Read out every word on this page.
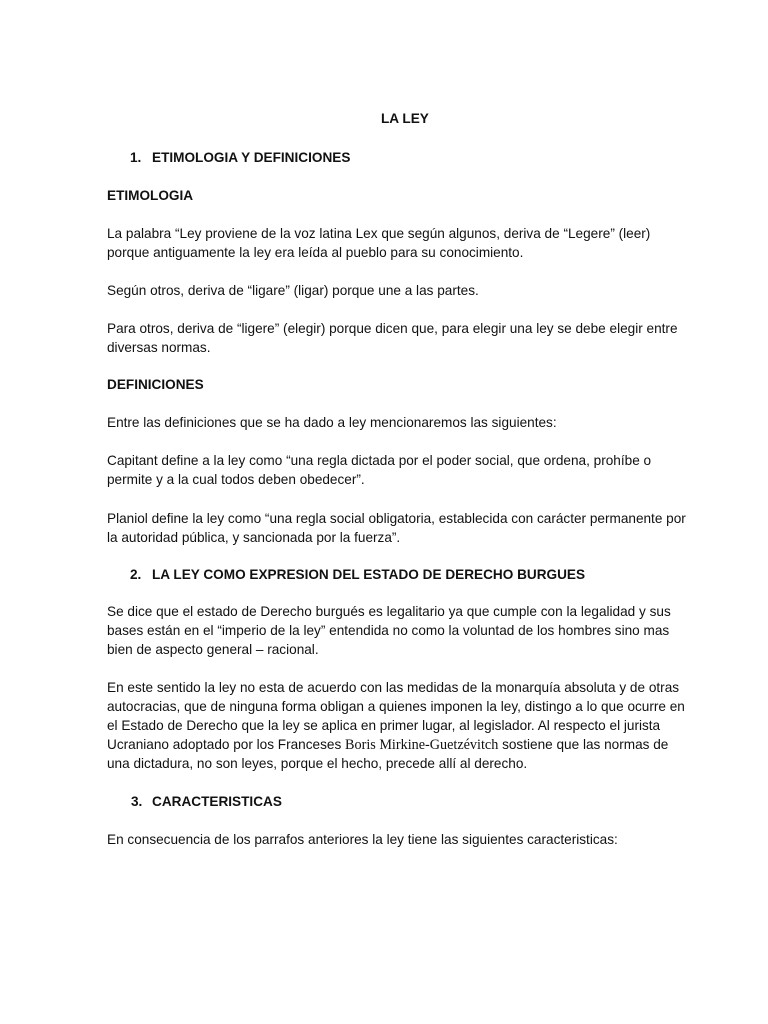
LA LEY
1. ETIMOLOGIA Y DEFINICIONES
ETIMOLOGIA
La palabra “Ley proviene de la voz latina Lex que según algunos, deriva de “Legere” (leer)
porque antiguamente la ley era leída al pueblo para su conocimiento.
Según otros, deriva de “ligare” (ligar) porque une a las partes.
Para otros, deriva de “ligere” (elegir) porque dicen que, para elegir una ley se debe elegir entre
diversas normas.
DEFINICIONES
Entre las definiciones que se ha dado a ley mencionaremos las siguientes:
Capitant define a la ley como “una regla dictada por el poder social, que ordena, prohíbe o
permite y a la cual todos deben obedecer”.
Planiol define la ley como “una regla social obligatoria, establecida con carácter permanente por
la autoridad pública, y sancionada por la fuerza”.
2. LA LEY COMO EXPRESION DEL ESTADO DE DERECHO BURGUES
Se dice que el estado de Derecho burgués es legalitario ya que cumple con la legalidad y sus
bases están en el “imperio de la ley” entendida no como la voluntad de los hombres sino mas
bien de aspecto general – racional.
En este sentido la ley no esta de acuerdo con las medidas de la monarquía absoluta y de otras
autocracias, que de ninguna forma obligan a quienes imponen la ley, distingo a lo que ocurre en
el Estado de Derecho que la ley se aplica en primer lugar, al legislador. Al respecto el jurista
Ucraniano adoptado por los Franceses Boris Mirkine-Guetzévitch sostiene que las normas de
una dictadura, no son leyes, porque el hecho, precede allí al derecho.
3. CARACTERISTICAS
En consecuencia de los parrafos anteriores la ley tiene las siguientes caracteristicas:
